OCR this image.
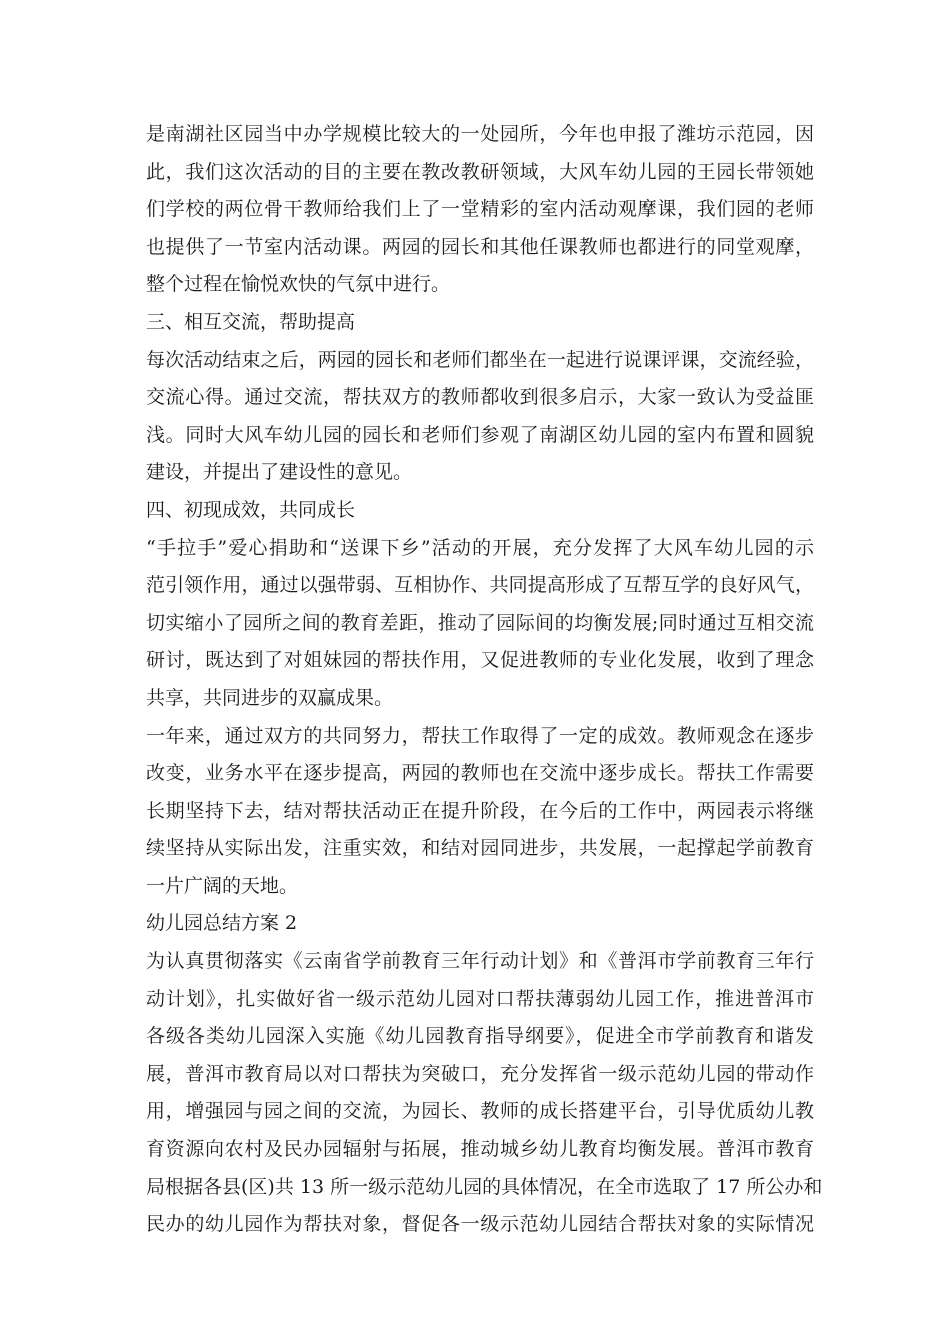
是南湖社区园当中办学规模比较大的一处园所，今年也申报了潍坊示范园，因
此，我们这次活动的目的主要在教改教研领域，大风车幼儿园的王园长带领她
们学校的两位骨干教师给我们上了一堂精彩的室内活动观摩课，我们园的老师
也提供了一节室内活动课。两园的园长和其他任课教师也都进行的同堂观摩，
整个过程在愉悦欢快的气氛中进行。
三、相互交流，帮助提高
每次活动结束之后，两园的园长和老师们都坐在一起进行说课评课，交流经验，
交流心得。通过交流，帮扶双方的教师都收到很多启示，大家一致认为受益匪
浅。同时大风车幼儿园的园长和老师们参观了南湖区幼儿园的室内布置和圆貌
建设，并提出了建设性的意见。
四、初现成效，共同成长
“手拉手”爱心捐助和“送课下乡”活动的开展，充分发挥了大风车幼儿园的示
范引领作用，通过以强带弱、互相协作、共同提高形成了互帮互学的良好风气，
切实缩小了园所之间的教育差距，推动了园际间的均衡发展;同时通过互相交流
研讨，既达到了对姐妹园的帮扶作用，又促进教师的专业化发展，收到了理念
共享，共同进步的双赢成果。
一年来，通过双方的共同努力，帮扶工作取得了一定的成效。教师观念在逐步
改变，业务水平在逐步提高，两园的教师也在交流中逐步成长。帮扶工作需要
长期坚持下去，结对帮扶活动正在提升阶段，在今后的工作中，两园表示将继
续坚持从实际出发，注重实效，和结对园同进步，共发展，一起撑起学前教育
一片广阔的天地。
幼儿园总结方案 2
为认真贯彻落实《云南省学前教育三年行动计划》和《普洱市学前教育三年行
动计划》，扎实做好省一级示范幼儿园对口帮扶薄弱幼儿园工作，推进普洱市
各级各类幼儿园深入实施《幼儿园教育指导纲要》，促进全市学前教育和谐发
展，普洱市教育局以对口帮扶为突破口，充分发挥省一级示范幼儿园的带动作
用，增强园与园之间的交流，为园长、教师的成长搭建平台，引导优质幼儿教
育资源向农村及民办园辐射与拓展，推动城乡幼儿教育均衡发展。普洱市教育
局根据各县(区)共 13 所一级示范幼儿园的具体情况，在全市选取了 17 所公办和
民办的幼儿园作为帮扶对象，督促各一级示范幼儿园结合帮扶对象的实际情况
